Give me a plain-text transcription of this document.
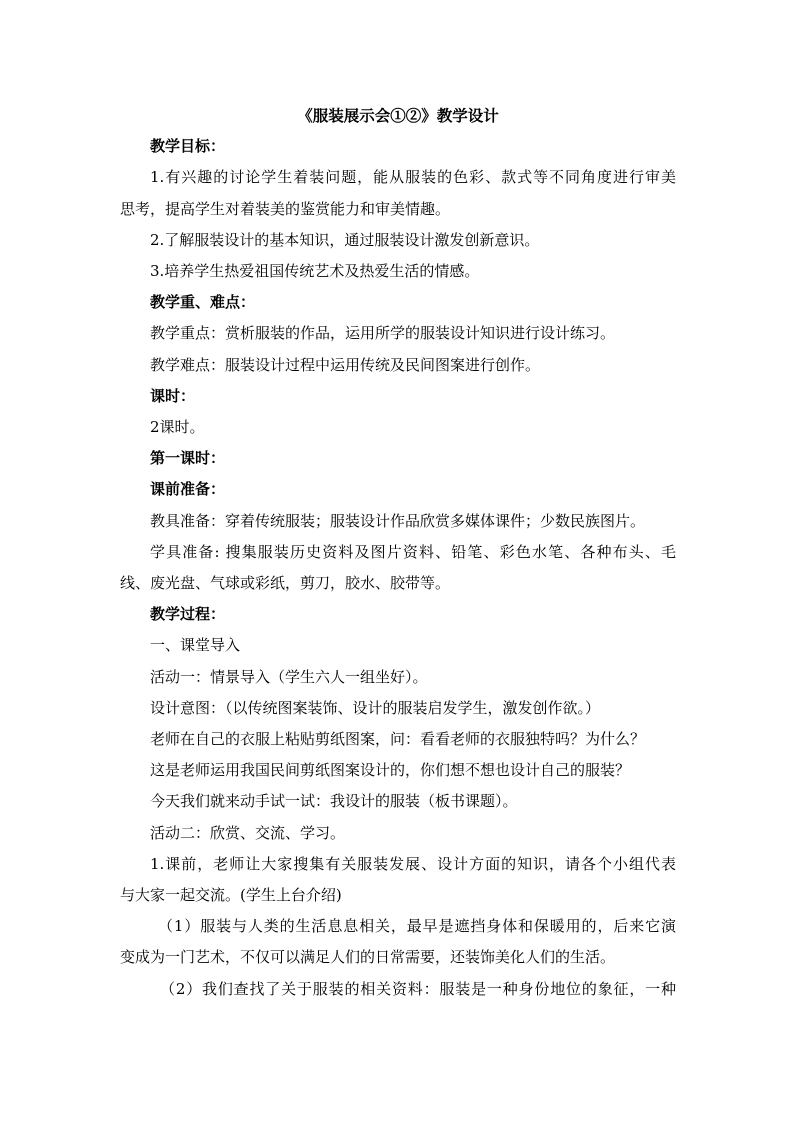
《服装展示会①②》教学设计
教学目标：
1.有兴趣的讨论学生着装问题，能从服装的色彩、款式等不同角度进行审美
思考，提高学生对着装美的鉴赏能力和审美情趣。
2.了解服装设计的基本知识，通过服装设计激发创新意识。
3.培养学生热爱祖国传统艺术及热爱生活的情感。
教学重、难点：
教学重点：赏析服装的作品，运用所学的服装设计知识进行设计练习。
教学难点：服装设计过程中运用传统及民间图案进行创作。
课时：
2课时。
第一课时：
课前准备：
教具准备：穿着传统服装；服装设计作品欣赏多媒体课件；少数民族图片。
学具准备: 搜集服装历史资料及图片资料、铅笔、彩色水笔、各种布头、毛
线、废光盘、气球或彩纸，剪刀，胶水、胶带等。
教学过程：
一、课堂导入
活动一：情景导入（学生六人一组坐好）。
设计意图：（以传统图案装饰、设计的服装启发学生，激发创作欲。）
老师在自己的衣服上粘贴剪纸图案，问：看看老师的衣服独特吗？为什么？
这是老师运用我国民间剪纸图案设计的，你们想不想也设计自己的服装？
今天我们就来动手试一试：我设计的服装（板书课题）。
活动二：欣赏、交流、学习。
1.课前，老师让大家搜集有关服装发展、设计方面的知识，请各个小组代表
与大家一起交流。(学生上台介绍)
（1）服装与人类的生活息息相关，最早是遮挡身体和保暖用的，后来它演
变成为一门艺术，不仅可以满足人们的日常需要，还装饰美化人们的生活。
（2）我们查找了关于服装的相关资料：服装是一种身份地位的象征，一种
